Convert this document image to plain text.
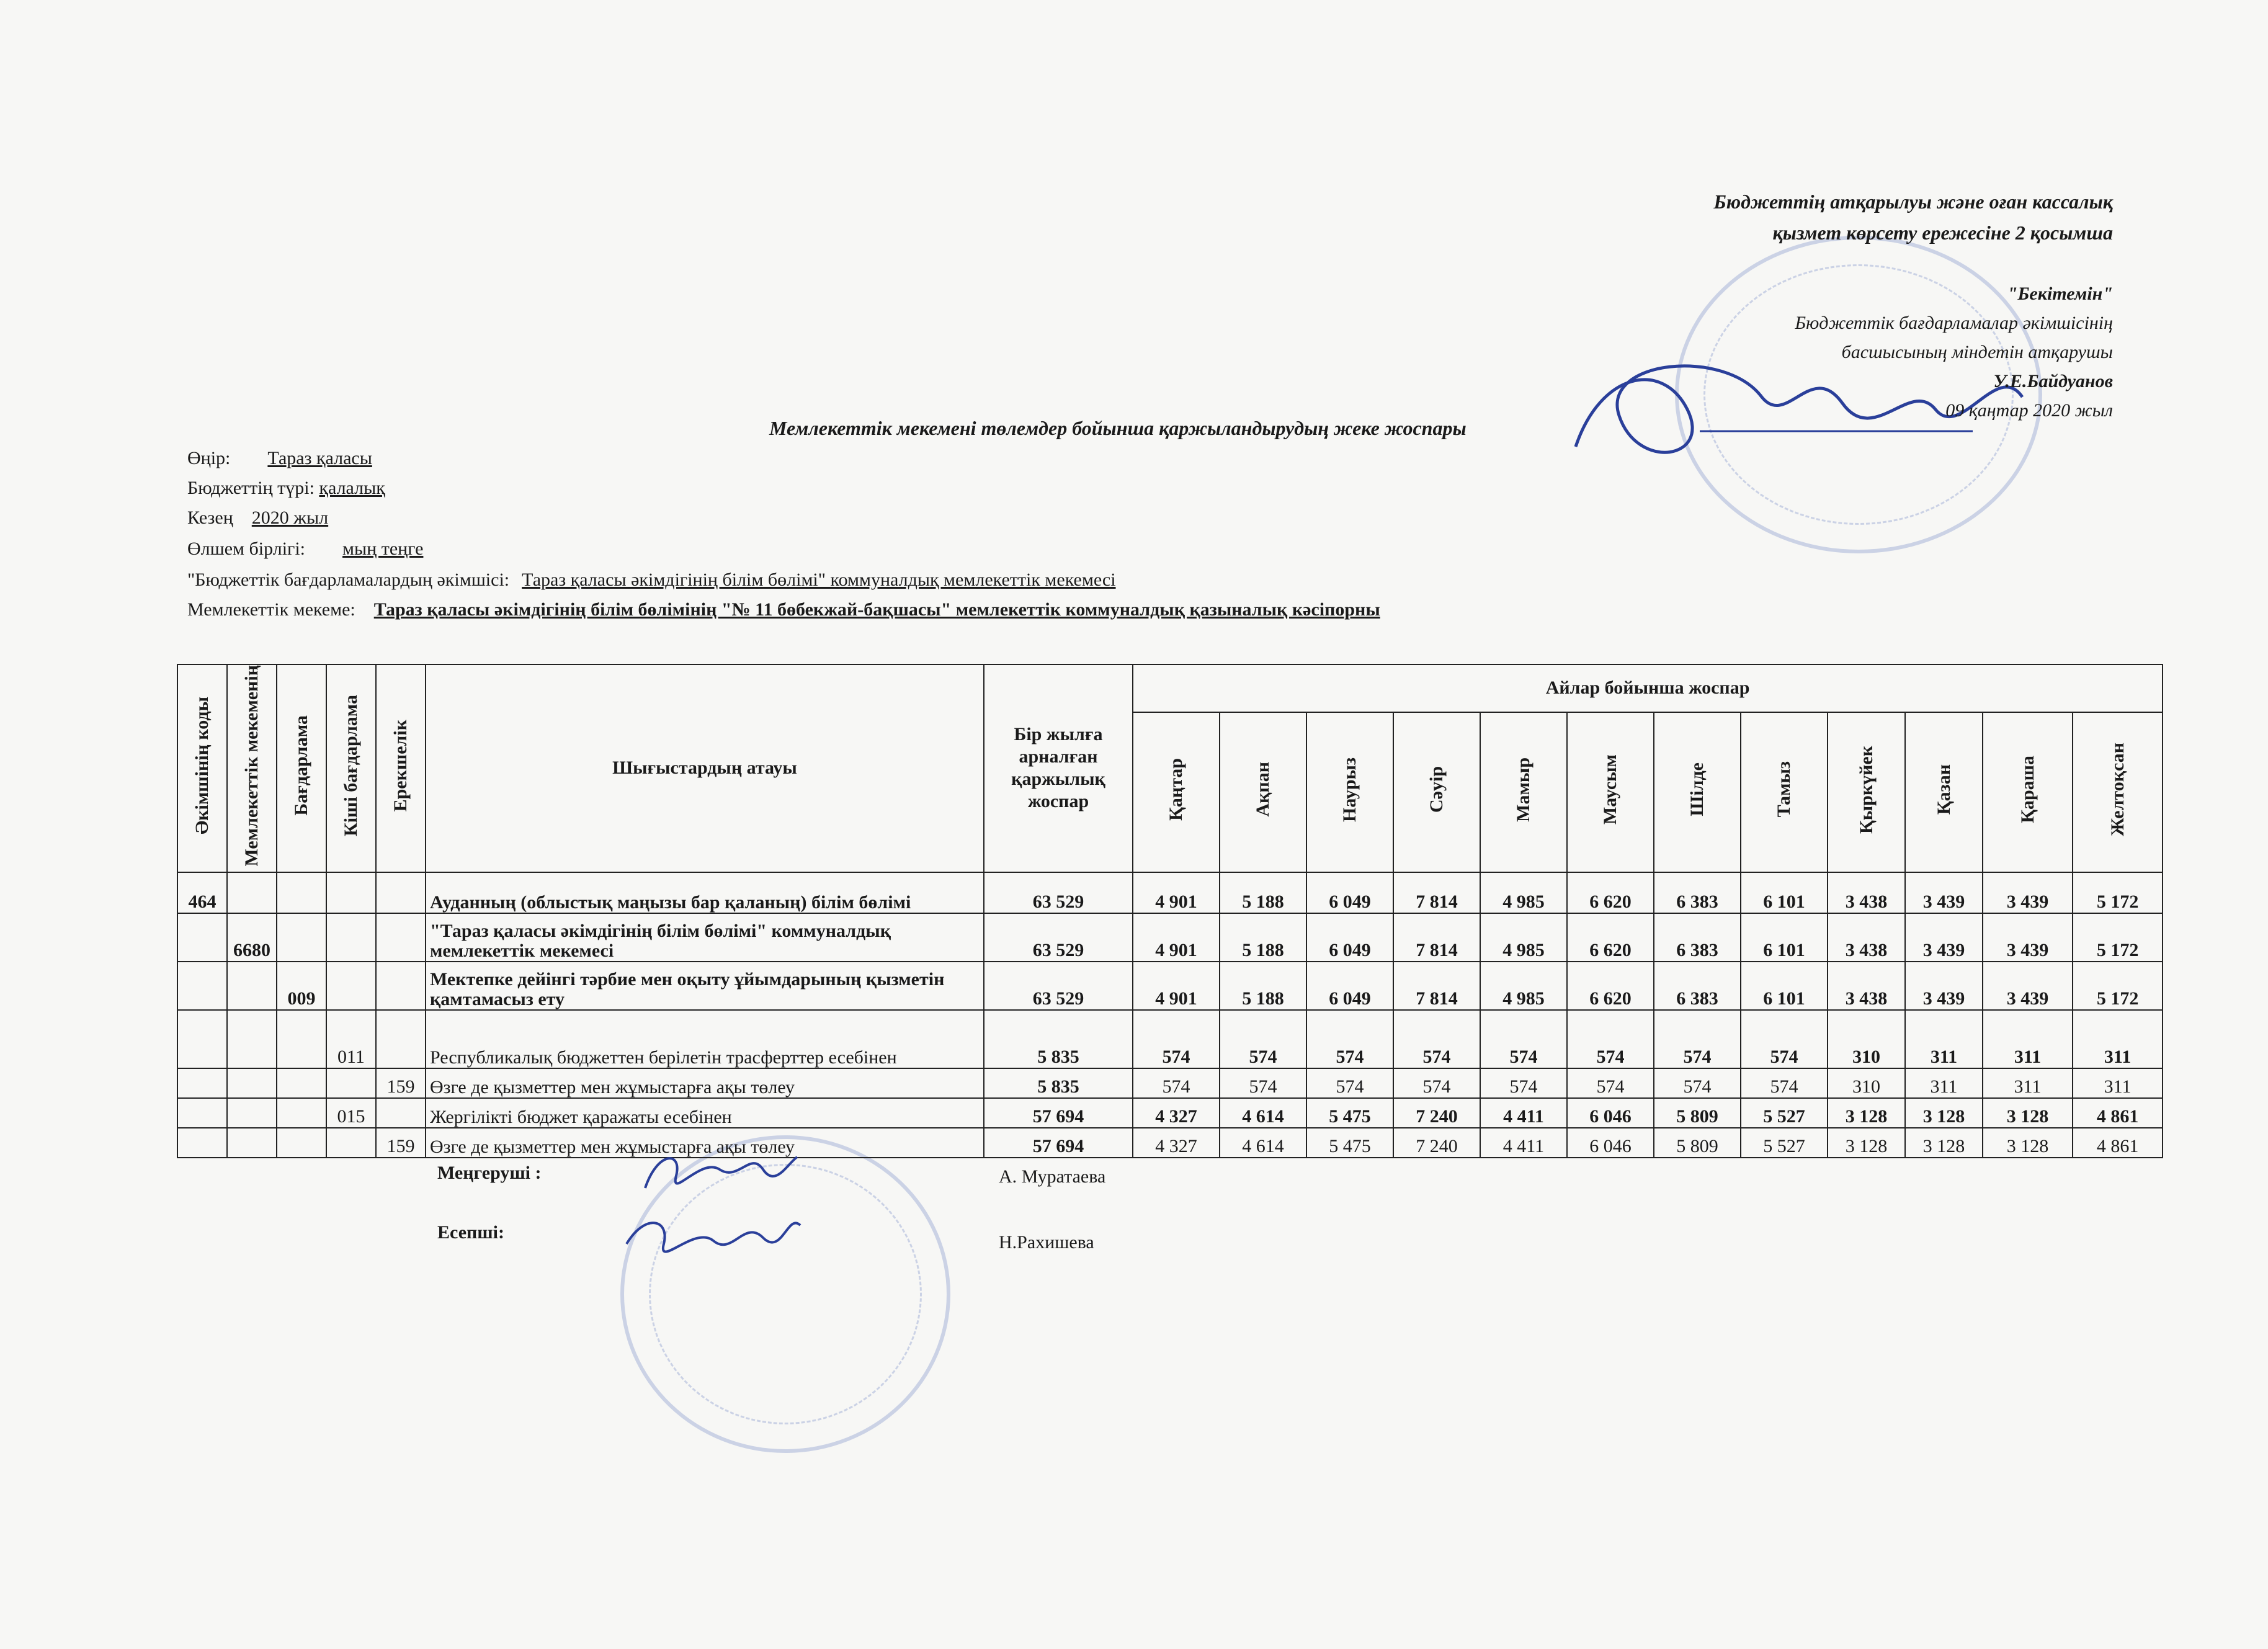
Бюджеттің атқарылуы және оған кассалық
қызмет көрсету ережесіне 2 қосымша
"Бекітемін"
Бюджеттік бағдарламалар әкімшісінің
басшысының міндетін атқарушы
У.Е.Байдуанов
09 қаңтар 2020 жыл
Мемлекеттік мекемені төлемдер бойынша қаржыландырудың жеке жоспары
Өңір: Тараз қаласы
Бюджеттің түрі: қалалық
Кезең 2020 жыл
Өлшем бірлігі: мың теңге
"Бюджеттік бағдарламалардың әкімшісі: Тараз қаласы әкімдігінің білім бөлімі" коммуналдық мемлекеттік мекемесі
Мемлекеттік мекеме: Тараз қаласы әкімдігінің білім бөлімінің "№ 11 бөбекжай-бақшасы" мемлекеттік коммуналдық қазыналық кәсіпорны
Әкімшінің коды	Мемлекеттік мекеменің	Бағдарлама	Кіші бағдарлама	Ерекшелік	Шығыстардың атауы	Бір жылға арналған қаржылық жоспар	Айлар бойынша жоспар											
							Қаңтар	Ақпан	Наурыз	Сәуір	Мамыр	Маусым	Шілде	Тамыз	Қыркүйек	Қазан	Қараша	Желтоқсан
464					Ауданның (облыстық маңызы бар қаланың) білім бөлімі	63 529	4 901	5 188	6 049	7 814	4 985	6 620	6 383	6 101	3 438	3 439	3 439	5 172
	6680				"Тараз қаласы әкімдігінің білім бөлімі" коммуналдық мемлекеттік мекемесі	63 529	4 901	5 188	6 049	7 814	4 985	6 620	6 383	6 101	3 438	3 439	3 439	5 172
		009			Мектепке дейінгі тәрбие мен оқыту ұйымдарының қызметін қамтамасыз ету	63 529	4 901	5 188	6 049	7 814	4 985	6 620	6 383	6 101	3 438	3 439	3 439	5 172
			011		Республикалық бюджеттен берілетін трасферттер есебінен	5 835	574	574	574	574	574	574	574	574	310	311	311	311
				159	Өзге де қызметтер мен жұмыстарға ақы төлеу	5 835	574	574	574	574	574	574	574	574	310	311	311	311
			015		Жергілікті бюджет қаражаты есебінен	57 694	4 327	4 614	5 475	7 240	4 411	6 046	5 809	5 527	3 128	3 128	3 128	4 861
				159	Өзге де қызметтер мен жұмыстарға ақы төлеу	57 694	4 327	4 614	5 475	7 240	4 411	6 046	5 809	5 527	3 128	3 128	3 128	4 861
Меңгеруші :	А. Муратаева
Есепші:	Н.Рахишева
